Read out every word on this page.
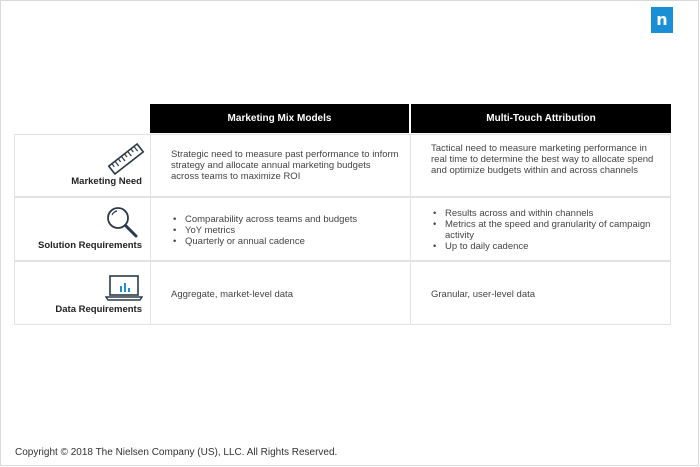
n
Marketing Mix Models	Multi-Touch Attribution
Marketing Need
Strategic need to measure past performance to inform strategy and allocate annual marketing budgets across teams to maximize ROI
Tactical need to measure marketing performance in real time to determine the best way to allocate spend and optimize budgets within and across channels
Solution Requirements
• Comparability across teams and budgets
• YoY metrics
• Quarterly or annual cadence
• Results across and within channels
• Metrics at the speed and granularity of campaign activity
• Up to daily cadence
Data Requirements
Aggregate, market-level data	Granular, user-level data
Copyright © 2018 The Nielsen Company (US), LLC. All Rights Reserved.
